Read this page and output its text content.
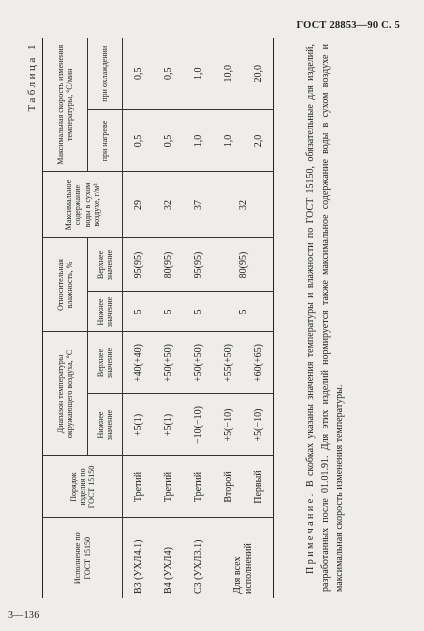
ГОСТ 28853—90 С. 5
Таблица 1
Исполнение по ГОСТ 15150	Порядок изделия по ГОСТ 15150	Диапазон температуры окружающего воздуха, °С		Относительная влажность, %		Максимальное содержание воды в сухом воздухе, г/м³	Максимальная скорость изменения температуры, °С/мин	
		Нижнее значение	Верхнее значение	Нижнее значение	Верхнее значение		при нагреве	при охлаждении
В3 (УХЛ4.1)	Третий	+5(1)	+40(+40)	5	95(95)	29	0,5	0,5
В4 (УХЛ4)	Третий	+5(1)	+50(+50)	5	80(95)	32	0,5	0,5
С3 (УХЛ3.1)	Третий	−10(−10)	+50(+50)	5	95(95)	37	1,0	1,0
Для всех исполнений	Второй	+5(−10)	+55(+50)	5	80(95)	32	1,0	10,0
	Первый	+5(−10)	+60(+65)				2,0	20,0
Примечание. В скобках указаны значения температуры и влажности по ГОСТ 15150, обязательные для изделий, разработанных после 01.01.91. Для этих изделий нормируется также максимальное содержание воды в сухом воздухе и максимальная скорость изменения температуры.
3—136
